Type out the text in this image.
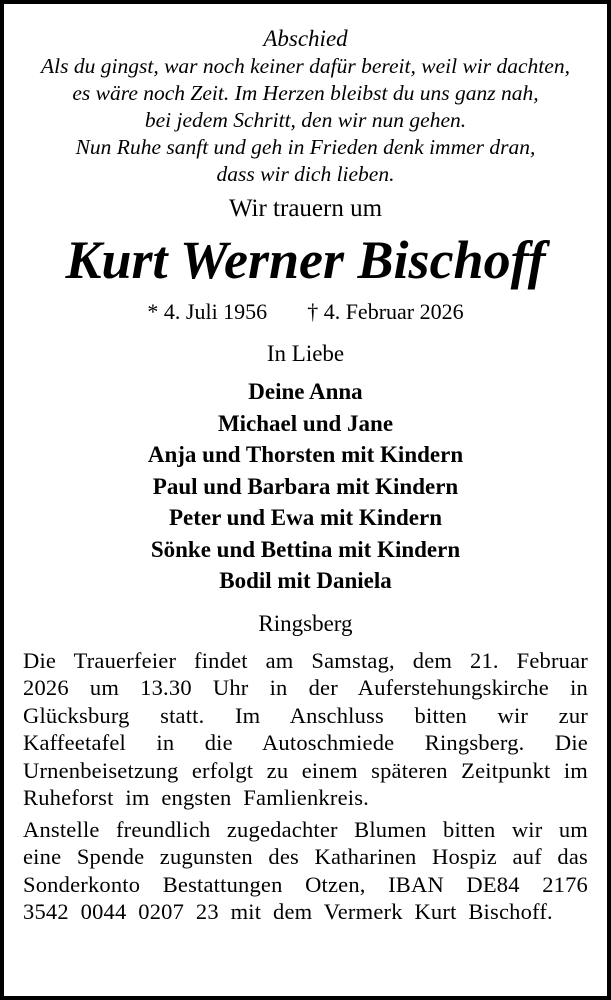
Abschied
Als du gingst, war noch keiner dafür bereit, weil wir dachten,
es wäre noch Zeit. Im Herzen bleibst du uns ganz nah,
bei jedem Schritt, den wir nun gehen.
Nun Ruhe sanft und geh in Frieden denk immer dran,
dass wir dich lieben.
Wir trauern um
Kurt Werner Bischoff
* 4. Juli 1956 † 4. Februar 2026
In Liebe
Deine Anna
Michael und Jane
Anja und Thorsten mit Kindern
Paul und Barbara mit Kindern
Peter und Ewa mit Kindern
Sönke und Bettina mit Kindern
Bodil mit Daniela
Ringsberg

Die Trauerfeier findet am Samstag, dem 21. Februar 2026 um 13.30 Uhr in der Auferstehungskirche in Glücksburg statt. Im Anschluss bitten wir zur Kaffeetafel in die Autoschmiede Ringsberg. Die Urnenbeisetzung erfolgt zu einem späteren Zeitpunkt im Ruheforst im engsten Famlienkreis.

Anstelle freundlich zugedachter Blumen bitten wir um eine Spende zugunsten des Katharinen Hospiz auf das Sonderkonto Bestattungen Otzen, IBAN DE84 2176 3542 0044 0207 23 mit dem Vermerk Kurt Bischoff.
